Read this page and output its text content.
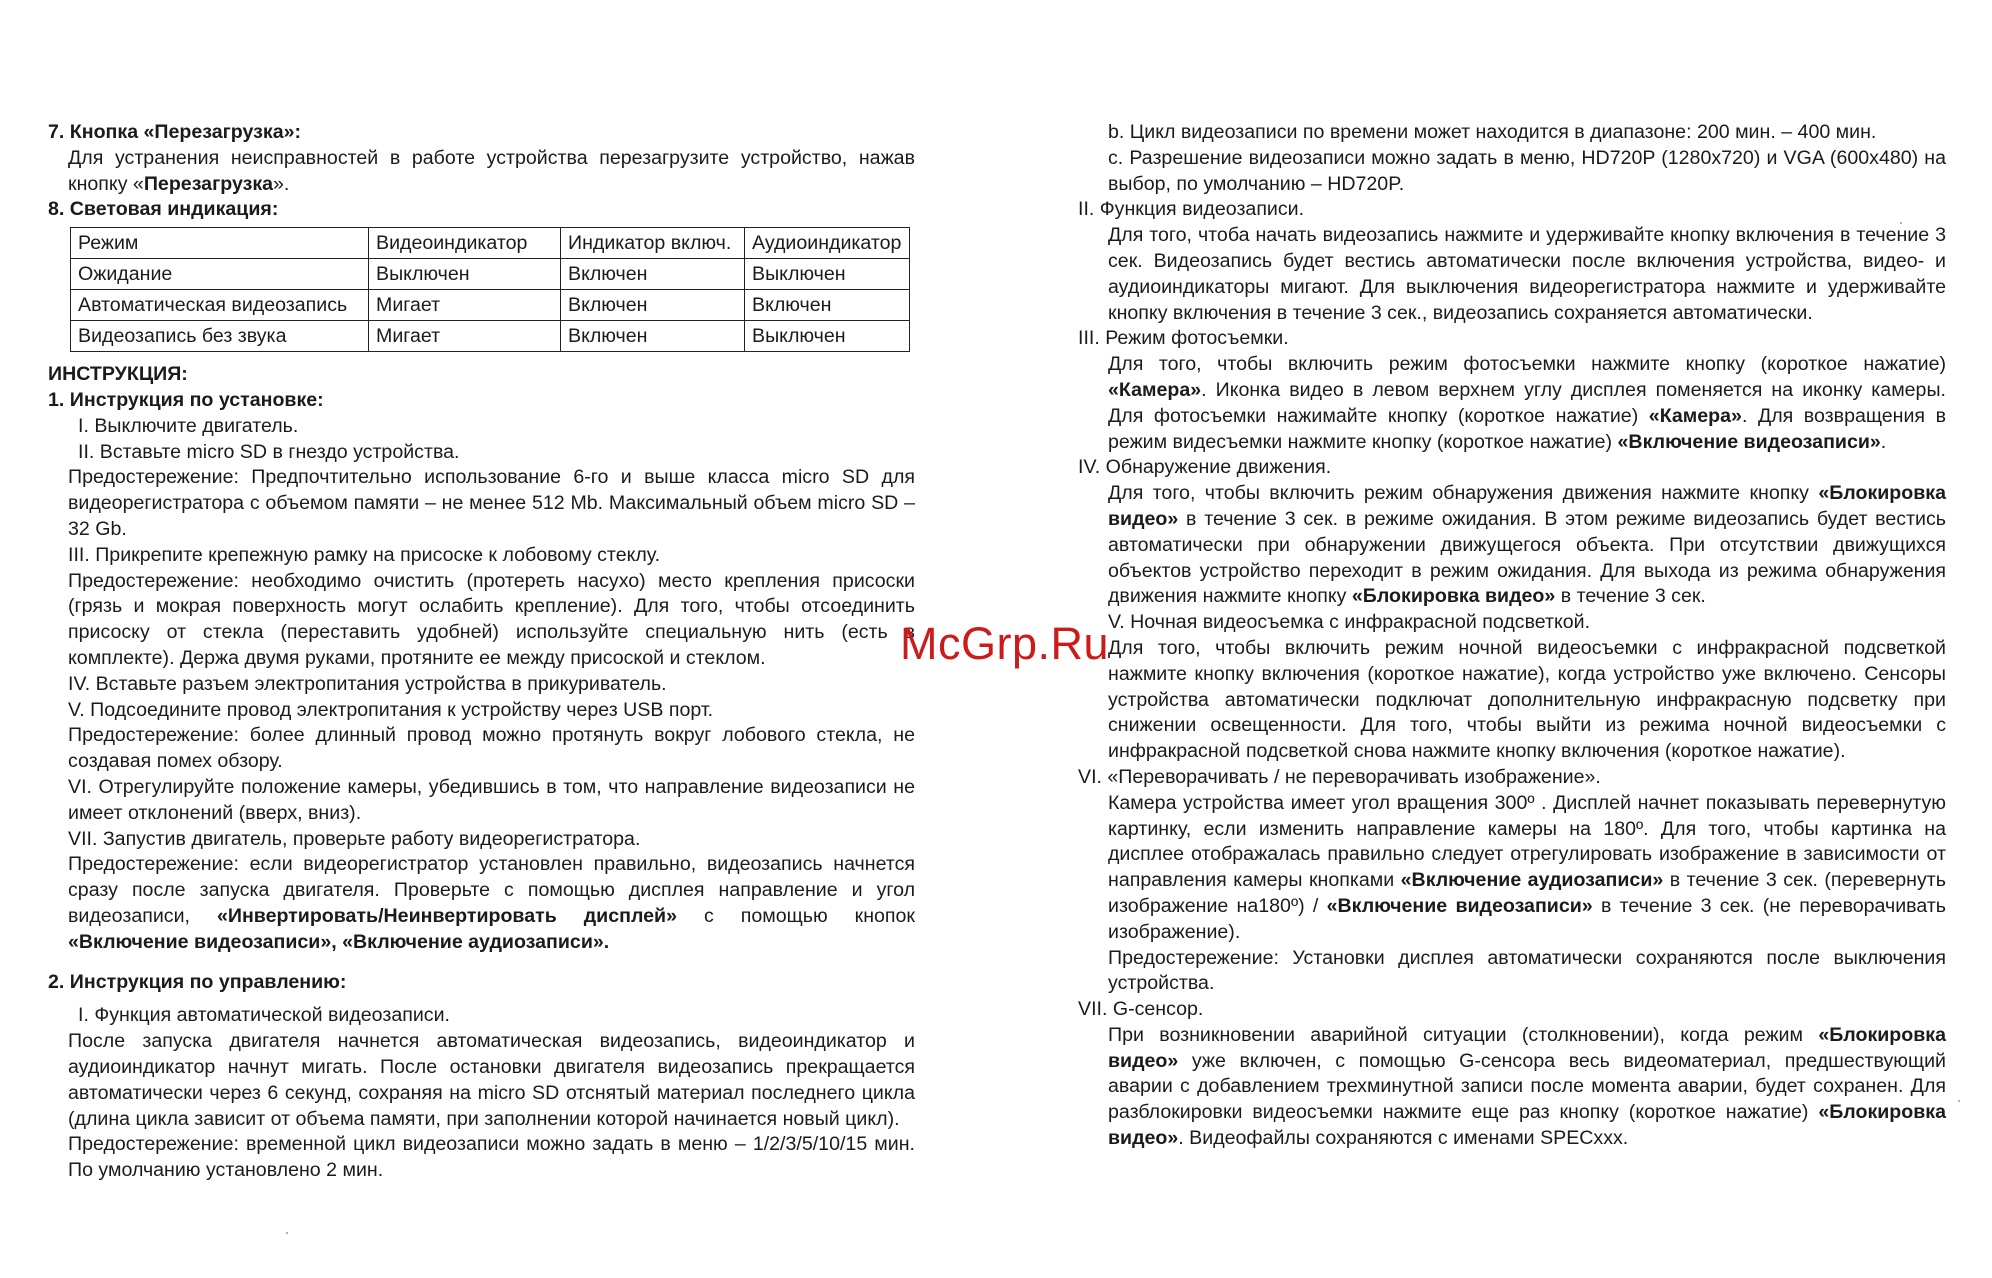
7. Кнопка «Перезагрузка»:
Для устранения неисправностей в работе устройства перезагрузите устройство, нажав кнопку «Перезагрузка».
8. Световая индикация:
Режим	Видеоиндикатор	Индикатор включ.	Аудиоиндикатор
Ожидание	Выключен	Включен	Выключен
Автоматическая видеозапись	Мигает	Включен	Включен
Видеозапись без звука	Мигает	Включен	Выключен
ИНСТРУКЦИЯ:
1. Инструкция по установке:
I. Выключите двигатель.
II. Вставьте micro SD в гнездо устройства.
Предостережение: Предпочтительно использование 6-го и выше класса micro SD для видеорегистратора с объемом памяти – не менее 512 Mb. Максимальный объем micro SD – 32 Gb.
III. Прикрепите крепежную рамку на присоске к лобовому стеклу.
Предостережение: необходимо очистить (протереть насухо) место крепления присоски (грязь и мокрая поверхность могут ослабить крепление). Для того, чтобы отсоединить присоску от стекла (переставить удобней) используйте специальную нить (есть в комплекте). Держа двумя руками, протяните ее между присоской и стеклом.
IV. Вставьте разъем электропитания устройства в прикуриватель.
V. Подсоедините провод электропитания к устройству через USB порт.
Предостережение: более длинный провод можно протянуть вокруг лобового стекла, не создавая помех обзору.
VI. Отрегулируйте положение камеры, убедившись в том, что направление видеозаписи не имеет отклонений (вверх, вниз).
VII. Запустив двигатель, проверьте работу видеорегистратора.
Предостережение: если видеорегистратор установлен правильно, видеозапись начнется сразу после запуска двигателя. Проверьте с помощью дисплея направление и угол видеозаписи, «Инвертировать/Неинвертировать дисплей» с помощью кнопок «Включение видеозаписи», «Включение аудиозаписи».
2. Инструкция по управлению:
I. Функция автоматической видеозаписи.
После запуска двигателя начнется автоматическая видеозапись, видеоиндикатор и аудиоиндикатор начнут мигать. После остановки двигателя видеозапись прекращается автоматически через 6 секунд, сохраняя на micro SD отснятый материал последнего цикла (длина цикла зависит от объема памяти, при заполнении которой начинается новый цикл).
Предостережение: временной цикл видеозаписи можно задать в меню – 1/2/3/5/10/15 мин. По умолчанию установлено 2 мин.
b. Цикл видеозаписи по времени может находится в диапазоне: 200 мин. – 400 мин.
c. Разрешение видеозаписи можно задать в меню, HD720P (1280x720) и VGA (600x480) на выбор, по умолчанию – HD720P.
II. Функция видеозаписи.
Для того, чтоба начать видеозапись нажмите и удерживайте кнопку включения в течение 3 сек. Видеозапись будет вестись автоматически после включения устройства, видео- и аудиоиндикаторы мигают. Для выключения видеорегистратора нажмите и удерживайте кнопку включения в течение 3 сек., видеозапись сохраняется автоматически.
III. Режим фотосъемки.
Для того, чтобы включить режим фотосъемки нажмите кнопку (короткое нажатие) «Камера». Иконка видео в левом верхнем углу дисплея поменяется на иконку камеры. Для фотосъемки нажимайте кнопку (короткое нажатие) «Камера». Для возвращения в режим видесъемки нажмите кнопку (короткое нажатие) «Включение видеозаписи».
IV. Обнаружение движения.
Для того, чтобы включить режим обнаружения движения нажмите кнопку «Блокировка видео» в течение 3 сек. в режиме ожидания. В этом режиме видеозапись будет вестись автоматически при обнаружении движущегося объекта. При отсутствии движущихся объектов устройство переходит в режим ожидания. Для выхода из режима обнаружения движения нажмите кнопку «Блокировка видео» в течение 3 сек.
V. Ночная видеосъемка с инфракрасной подсветкой.
Для того, чтобы включить режим ночной видеосъемки с инфракрасной подсветкой нажмите кнопку включения (короткое нажатие), когда устройство уже включено. Сенсоры устройства автоматически подключат дополнительную инфракрасную подсветку при снижении освещенности. Для того, чтобы выйти из режима ночной видеосъемки с инфракрасной подсветкой снова нажмите кнопку включения (короткое нажатие).
VI. «Переворачивать / не переворачивать изображение».
Камера устройства имеет угол вращения 300º . Дисплей начнет показывать перевернутую картинку, если изменить направление камеры на 180º. Для того, чтобы картинка на дисплее отображалась правильно следует отрегулировать изображение в зависимости от направления камеры кнопками «Включение аудиозаписи» в течение 3 сек. (перевернуть изображение на180º) / «Включение видеозаписи» в течение 3 сек. (не переворачивать изображение).
Предостережение: Установки дисплея автоматически сохраняются после выключения устройства.
VII. G-сенсор.
При возникновении аварийной ситуации (столкновении), когда режим «Блокировка видео» уже включен, с помощью G-сенсора весь видеоматериал, предшествующий аварии с добавлением трехминутной записи после момента аварии, будет сохранен. Для разблокировки видеосъемки нажмите еще раз кнопку (короткое нажатие) «Блокировка видео». Видеофайлы сохраняются с именами SPECxxx.
McGrp.Ru
